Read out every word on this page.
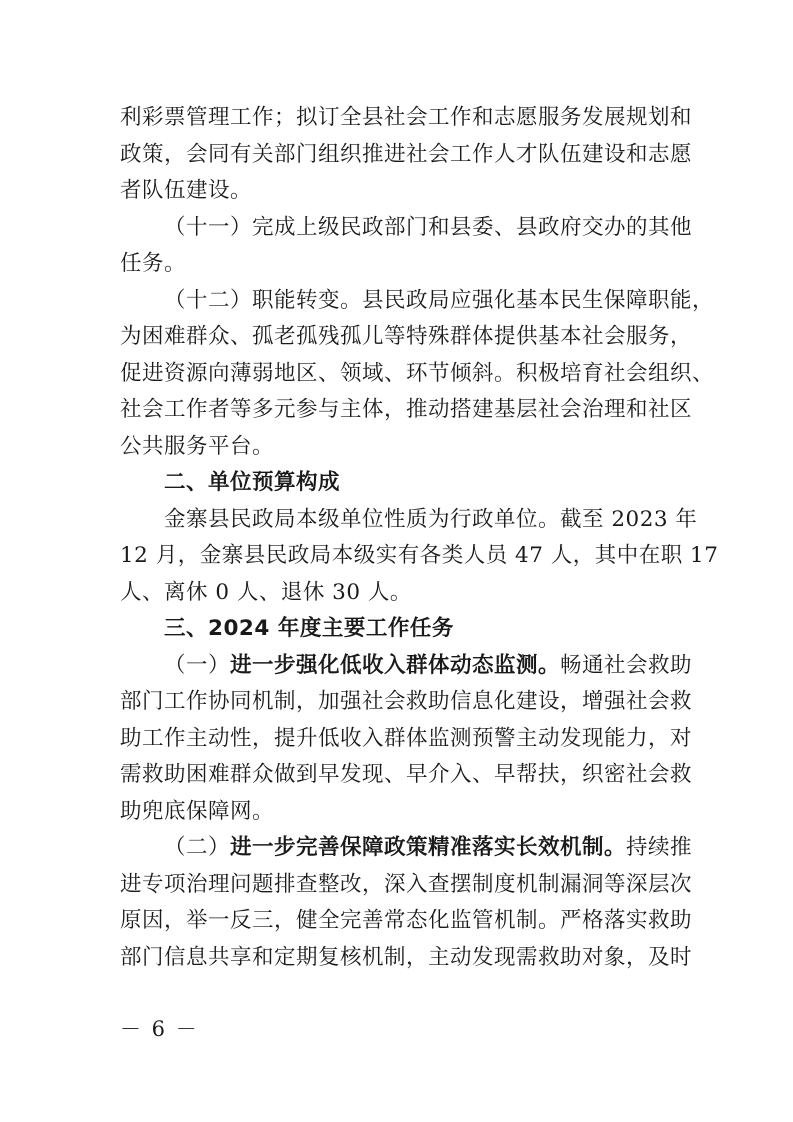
利彩票管理工作；拟订全县社会工作和志愿服务发展规划和
政策，会同有关部门组织推进社会工作人才队伍建设和志愿
者队伍建设。
（十一）完成上级民政部门和县委、县政府交办的其他
任务。
（十二）职能转变。县民政局应强化基本民生保障职能，
为困难群众、孤老孤残孤儿等特殊群体提供基本社会服务，
促进资源向薄弱地区、领域、环节倾斜。积极培育社会组织、
社会工作者等多元参与主体，推动搭建基层社会治理和社区
公共服务平台。
二、单位预算构成
金寨县民政局本级单位性质为行政单位。截至 2023 年
12 月，金寨县民政局本级实有各类人员 47 人，其中在职 17
人、离休 0 人、退休 30 人。
三、2024 年度主要工作任务
（一）进一步强化低收入群体动态监测。畅通社会救助
部门工作协同机制，加强社会救助信息化建设，增强社会救
助工作主动性，提升低收入群体监测预警主动发现能力，对
需救助困难群众做到早发现、早介入、早帮扶，织密社会救
助兜底保障网。
（二）进一步完善保障政策精准落实长效机制。持续推
进专项治理问题排查整改，深入查摆制度机制漏洞等深层次
原因，举一反三，健全完善常态化监管机制。严格落实救助
部门信息共享和定期复核机制，主动发现需救助对象，及时
－ 6 －
